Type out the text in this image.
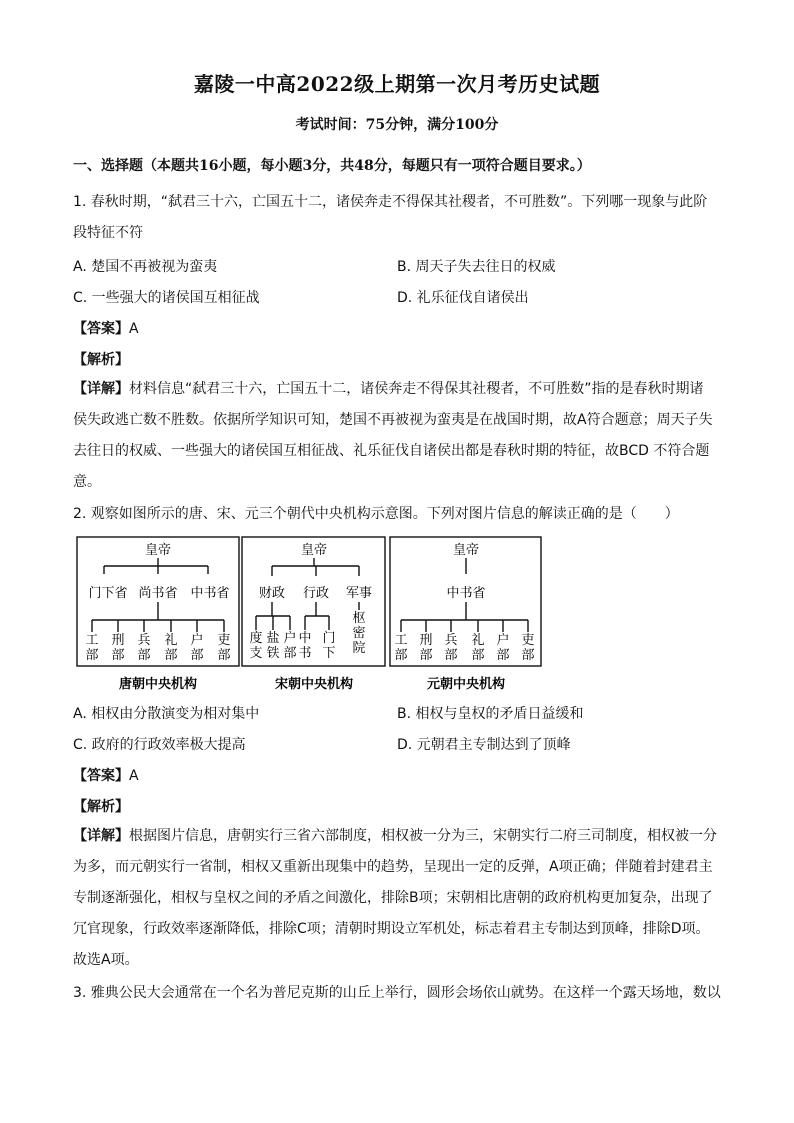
嘉陵一中高2022级上期第一次月考历史试题
考试时间：75分钟，满分100分
一、选择题（本题共16小题，每小题3分，共48分，每题只有一项符合题目要求。）
1. 春秋时期，“弑君三十六，亡国五十二，诸侯奔走不得保其社稷者，不可胜数”。下列哪一现象与此阶
段特征不符
A. 楚国不再被视为蛮夷	B. 周天子失去往日的权威
C. 一些强大的诸侯国互相征战	D. 礼乐征伐自诸侯出
【答案】A
【解析】
【详解】材料信息“弑君三十六，亡国五十二，诸侯奔走不得保其社稷者，不可胜数”指的是春秋时期诸
侯失政逃亡数不胜数。依据所学知识可知，楚国不再被视为蛮夷是在战国时期，故A符合题意；周天子失
去往日的权威、一些强大的诸侯国互相征战、礼乐征伐自诸侯出都是春秋时期的特征，故BCD 不符合题
意。
2. 观察如图所示的唐、宋、元三个朝代中央机构示意图。下列对图片信息的解读正确的是（　　）
皇帝
门下省 尚书省 中书省
唐朝中央机构
皇帝
财政 行政 军事
宋朝中央机构
皇帝
中书省
元朝中央机构
工部
刑部
兵部
礼部
户部
吏部
度支
盐铁
户部
中书
门下
枢密院
工部
刑部
兵部
礼部
户部
吏部
A. 相权由分散演变为相对集中	B. 相权与皇权的矛盾日益缓和
C. 政府的行政效率极大提高	D. 元朝君主专制达到了顶峰
【答案】A
【解析】
【详解】根据图片信息，唐朝实行三省六部制度，相权被一分为三，宋朝实行二府三司制度，相权被一分
为多，而元朝实行一省制，相权又重新出现集中的趋势，呈现出一定的反弹，A项正确；伴随着封建君主
专制逐渐强化，相权与皇权之间的矛盾之间激化，排除B项；宋朝相比唐朝的政府机构更加复杂，出现了
冗官现象，行政效率逐渐降低，排除C项；清朝时期设立军机处，标志着君主专制达到顶峰，排除D项。
故选A项。
3. 雅典公民大会通常在一个名为普尼克斯的山丘上举行，圆形会场依山就势。在这样一个露天场地，数以
